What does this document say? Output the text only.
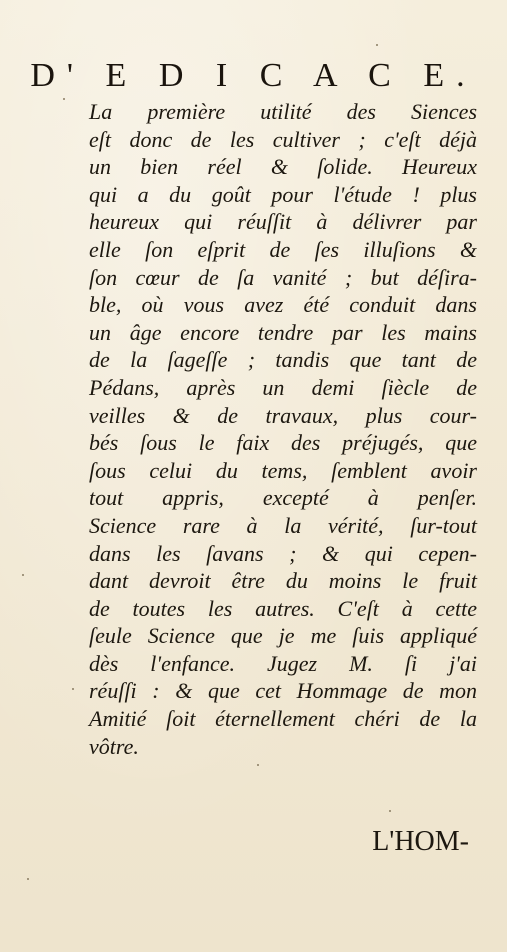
D' E D I C A C E.
La première utilité des Siences
eſt donc de les cultiver ; c'eſt déjà
un bien réel & ſolide. Heureux
qui a du goût pour l'étude ! plus
heureux qui réuſſit à délivrer par
elle ſon eſprit de ſes illuſions &
ſon cœur de ſa vanité ; but déſira-
ble, où vous avez été conduit dans
un âge encore tendre par les mains
de la ſageſſe ; tandis que tant de
Pédans, après un demi ſiècle de
veilles & de travaux, plus cour-
bés ſous le faix des préjugés, que
ſous celui du tems, ſemblent avoir
tout appris, excepté à penſer.
Science rare à la vérité, ſur-tout
dans les ſavans ; & qui cepen-
dant devroit être du moins le fruit
de toutes les autres. C'eſt à cette
ſeule Science que je me ſuis appliqué
dès l'enfance. Jugez M. ſi j'ai
réuſſi : & que cet Hommage de mon
Amitié ſoit éternellement chéri de la
vôtre.
L'HOM-
